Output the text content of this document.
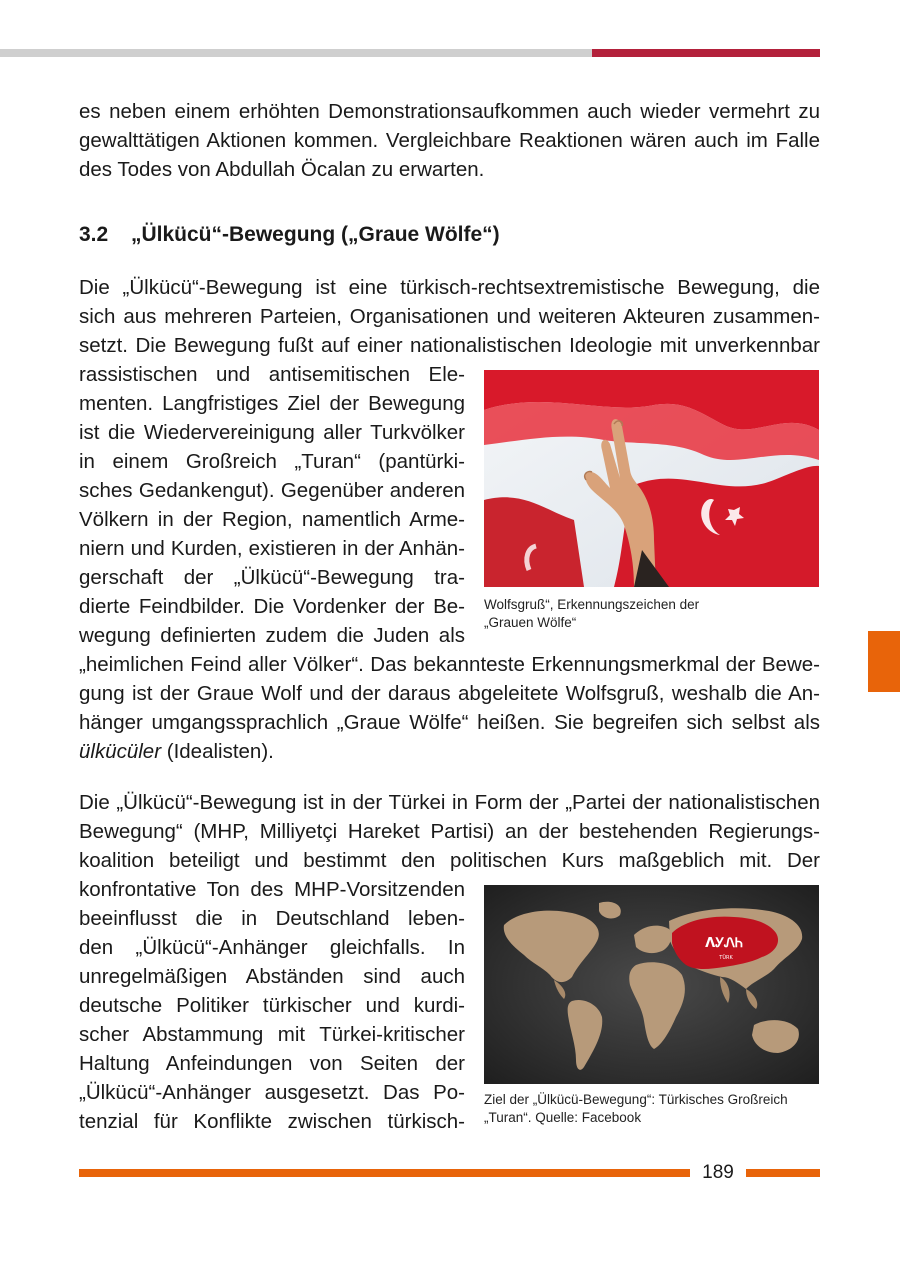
es neben einem erhöhten Demonstrationsaufkommen auch wieder vermehrt zu
gewalttätigen Aktionen kommen. Vergleichbare Reaktionen wären auch im Falle
des Todes von Abdullah Öcalan zu erwarten.
3.2 „Ülkücü“-Bewegung („Graue Wölfe“)
Die „Ülkücü“-Bewegung ist eine türkisch-rechtsextremistische Bewegung, die
sich aus mehreren Parteien, Organisationen und weiteren Akteuren zusammen-
setzt. Die Bewegung fußt auf einer nationalistischen Ideologie mit unverkennbar
rassistischen und antisemitischen Ele-
menten. Langfristiges Ziel der Bewegung
ist die Wiedervereinigung aller Turkvölker
in einem Großreich „Turan“ (pantürki-
sches Gedankengut). Gegenüber anderen
Völkern in der Region, namentlich Arme-
niern und Kurden, existieren in der Anhän-
gerschaft der „Ülkücü“-Bewegung tra-
dierte Feindbilder. Die Vordenker der Be-
wegung definierten zudem die Juden als
„heimlichen Feind aller Völker“. Das bekannteste Erkennungsmerkmal der Bewe-
gung ist der Graue Wolf und der daraus abgeleitete Wolfsgruß, weshalb die An-
hänger umgangssprachlich „Graue Wölfe“ heißen. Sie begreifen sich selbst als
ülkücüler (Idealisten).
Wolfsgruß“, Erkennungszeichen der
„Grauen Wölfe“
Die „Ülkücü“-Bewegung ist in der Türkei in Form der „Partei der nationalistischen
Bewegung“ (MHP, Milliyetçi Hareket Partisi) an der bestehenden Regierungs-
koalition beteiligt und bestimmt den politischen Kurs maßgeblich mit. Der
konfrontative Ton des MHP-Vorsitzenden
beeinflusst die in Deutschland leben-
den „Ülkücü“-Anhänger gleichfalls. In
unregelmäßigen Abständen sind auch
deutsche Politiker türkischer und kurdi-
scher Abstammung mit Türkei-kritischer
Haltung Anfeindungen von Seiten der
„Ülkücü“-Anhänger ausgesetzt. Das Po-
tenzial für Konflikte zwischen türkisch-
ᐱᎩᏁᏂ
TÜRK
Ziel der „Ülkücü-Bewegung“: Türkisches Großreich
„Turan“. Quelle: Facebook
189
